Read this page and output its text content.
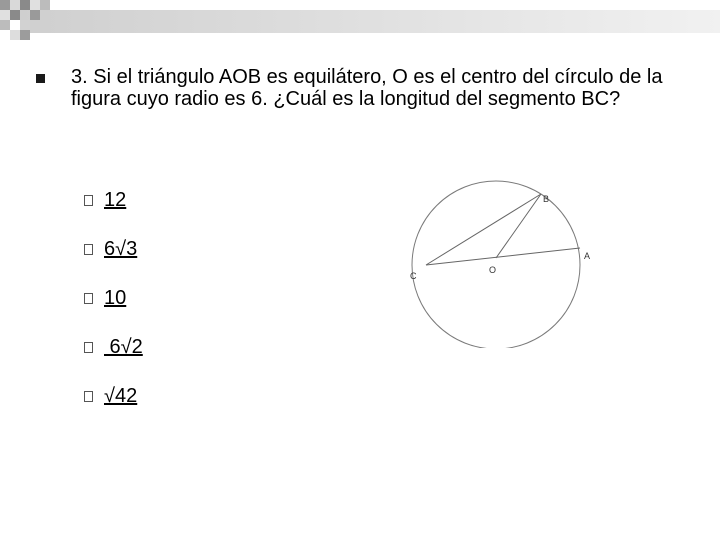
3. Si el triángulo AOB es equilátero, O es el centro del círculo de la figura cuyo radio es 6. ¿Cuál es la longitud del segmento BC?

12
6√3
10
6√2
√42
B
A
C
O
